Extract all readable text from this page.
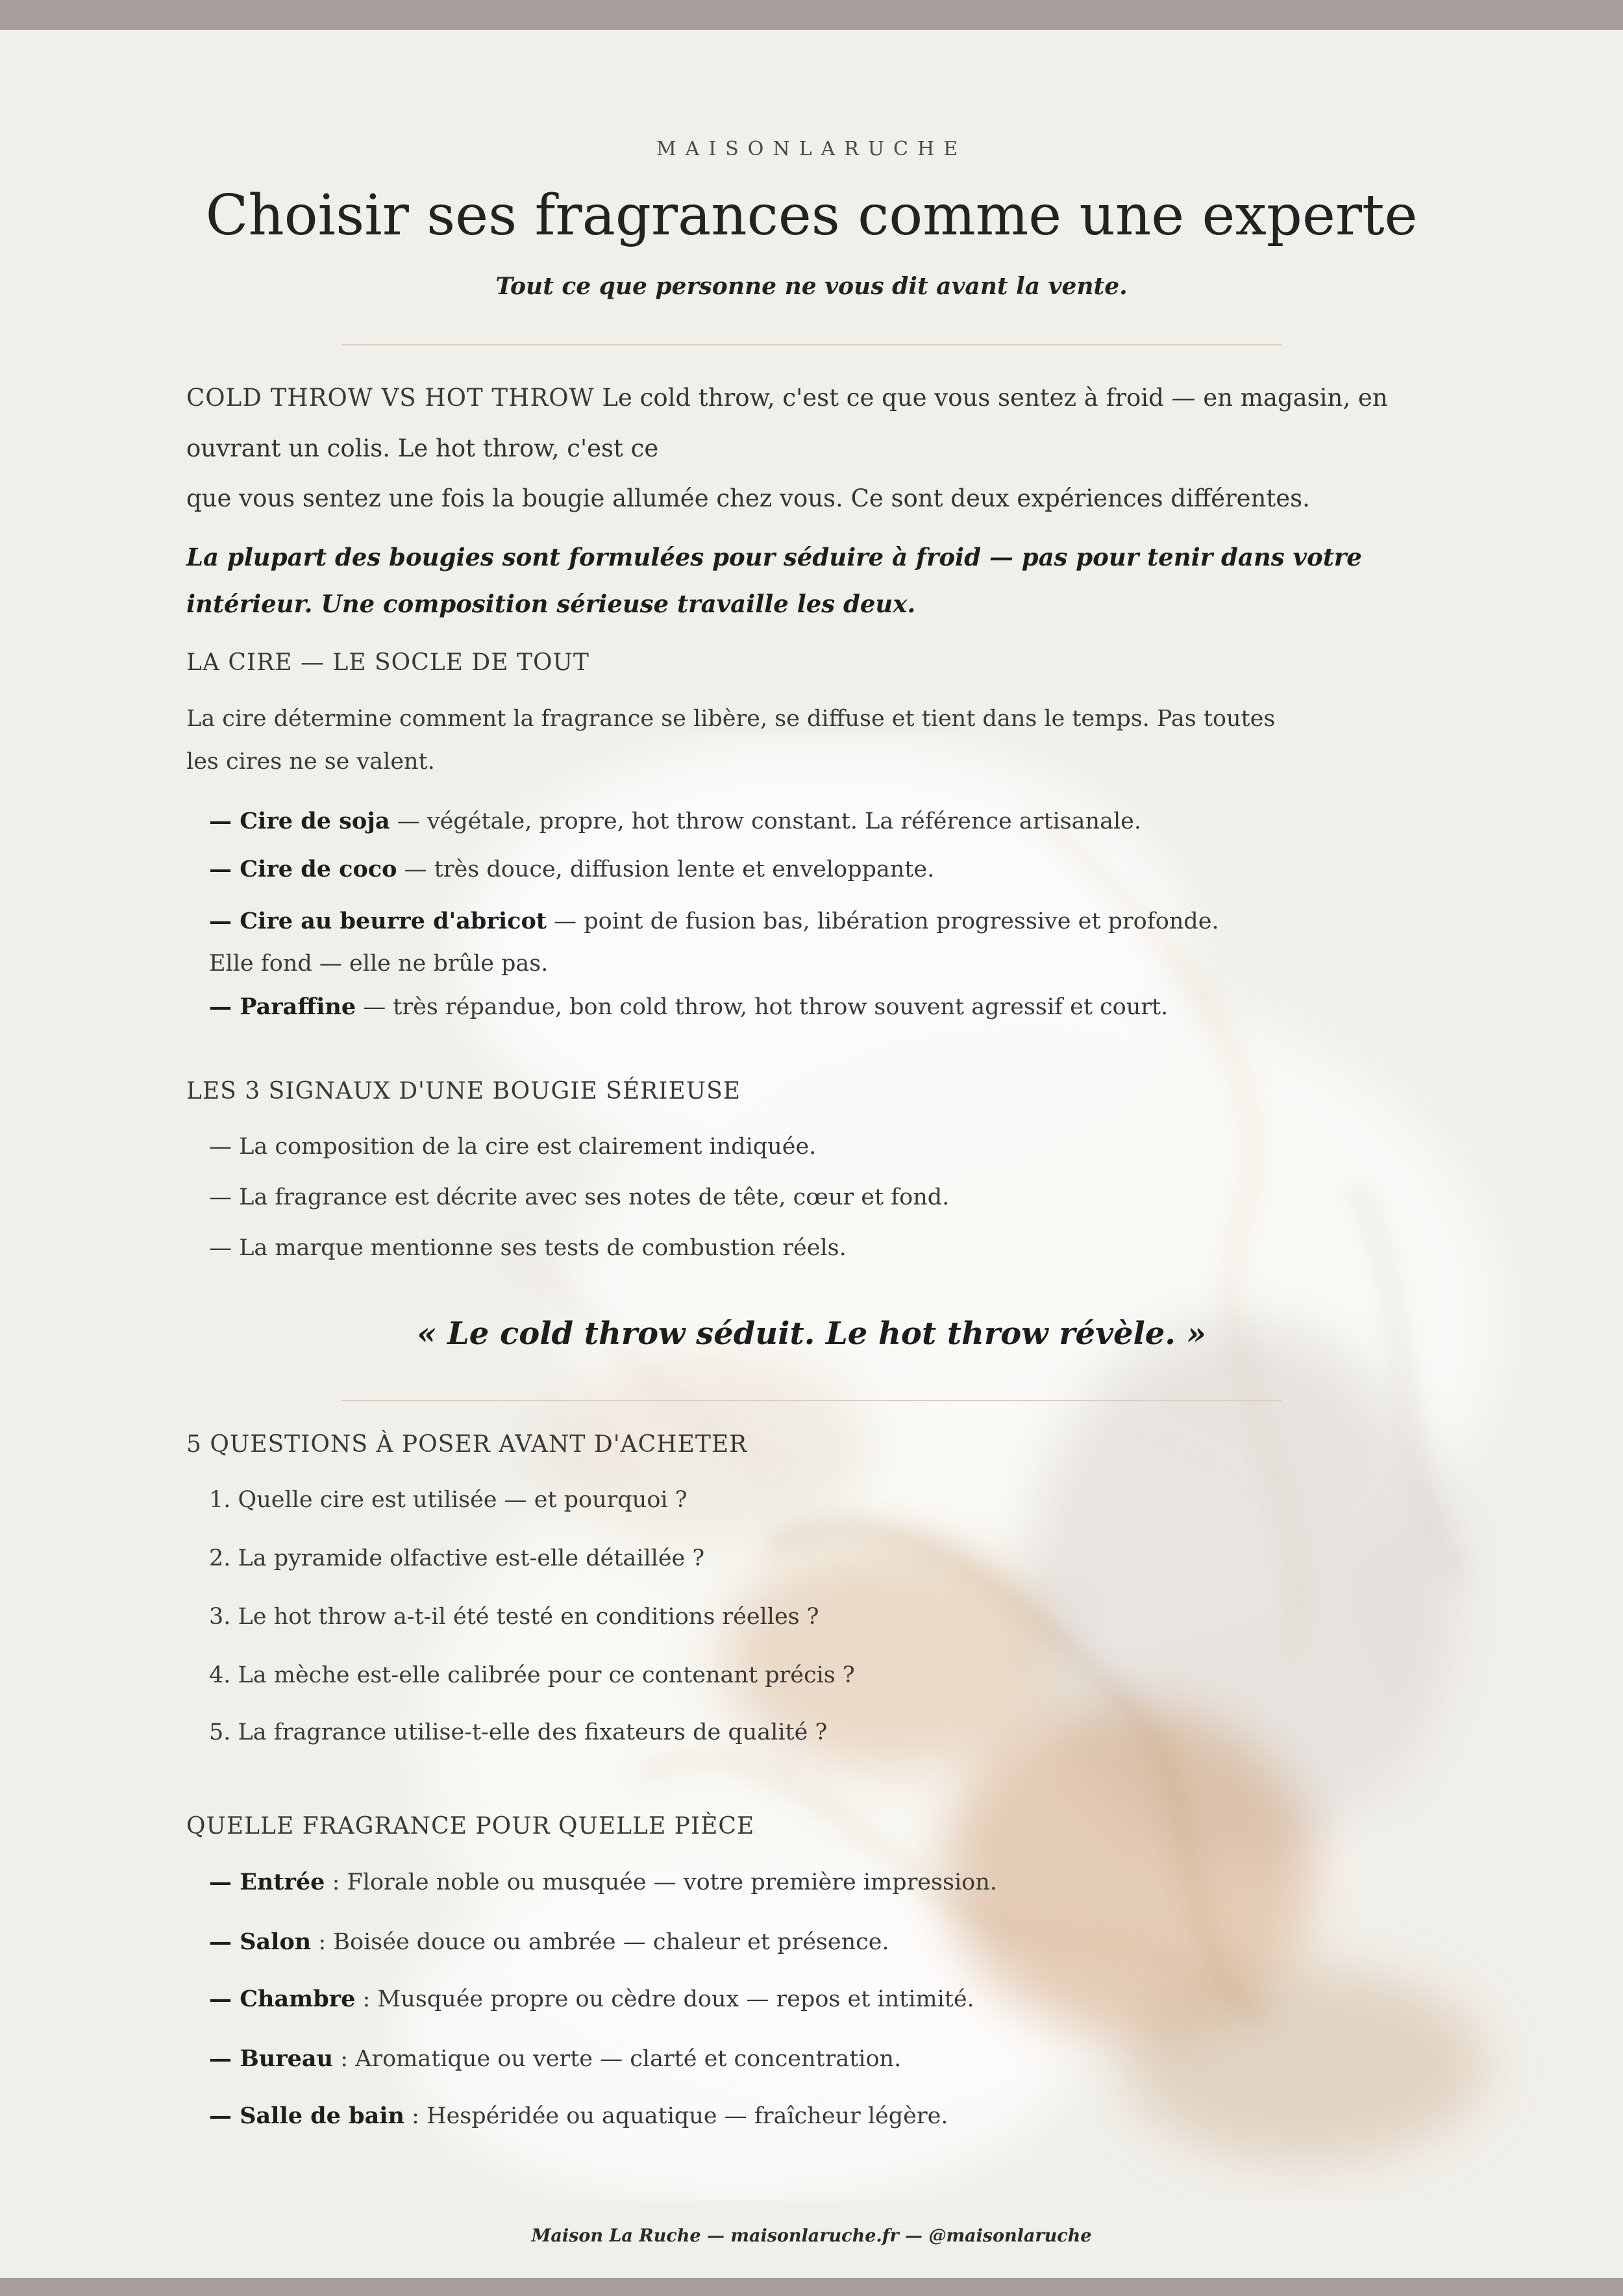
MAISONLARUCHE
Choisir ses fragrances comme une experte
Tout ce que personne ne vous dit avant la vente.
COLD THROW VS HOT THROW Le cold throw, c'est ce que vous sentez à froid — en magasin, en ouvrant un colis. Le hot throw, c'est ce
que vous sentez une fois la bougie allumée chez vous. Ce sont deux expériences différentes.
La plupart des bougies sont formulées pour séduire à froid — pas pour tenir dans votre intérieur. Une composition sérieuse travaille les deux.
LA CIRE — LE SOCLE DE TOUT
La cire détermine comment la fragrance se libère, se diffuse et tient dans le temps. Pas toutes les cires ne se valent.
— Cire de soja — végétale, propre, hot throw constant. La référence artisanale.
— Cire de coco — très douce, diffusion lente et enveloppante.
— Cire au beurre d'abricot — point de fusion bas, libération progressive et profonde. Elle fond — elle ne brûle pas.
— Paraffine — très répandue, bon cold throw, hot throw souvent agressif et court.
LES 3 SIGNAUX D'UNE BOUGIE SÉRIEUSE
— La composition de la cire est clairement indiquée.
— La fragrance est décrite avec ses notes de tête, cœur et fond.
— La marque mentionne ses tests de combustion réels.
« Le cold throw séduit. Le hot throw révèle. »
5 QUESTIONS À POSER AVANT D'ACHETER
1. Quelle cire est utilisée — et pourquoi ?
2. La pyramide olfactive est-elle détaillée ?
3. Le hot throw a-t-il été testé en conditions réelles ?
4. La mèche est-elle calibrée pour ce contenant précis ?
5. La fragrance utilise-t-elle des fixateurs de qualité ?
QUELLE FRAGRANCE POUR QUELLE PIÈCE
— Entrée : Florale noble ou musquée — votre première impression.
— Salon : Boisée douce ou ambrée — chaleur et présence.
— Chambre : Musquée propre ou cèdre doux — repos et intimité.
— Bureau : Aromatique ou verte — clarté et concentration.
— Salle de bain : Hespéridée ou aquatique — fraîcheur légère.
Maison La Ruche — maisonlaruche.fr — @maisonlaruche
